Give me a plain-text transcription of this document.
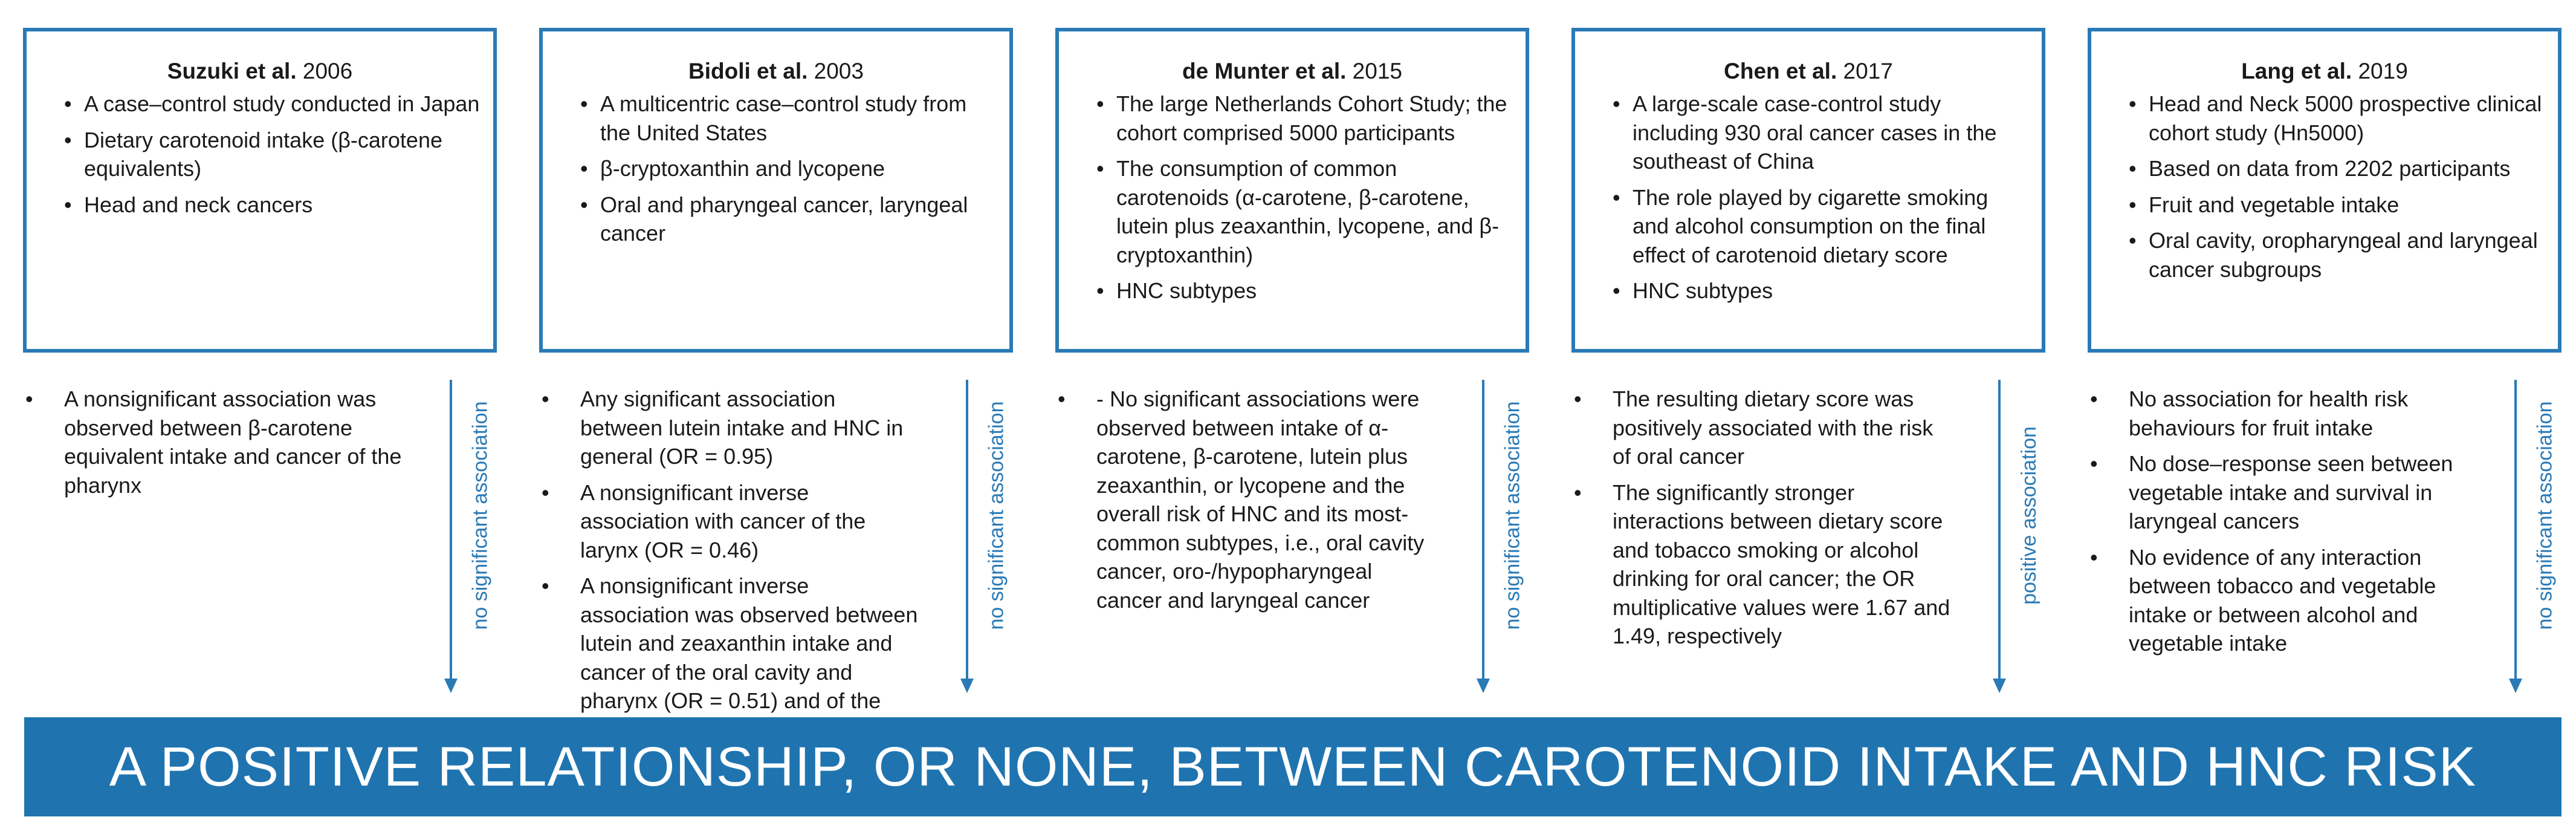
Suzuki et al. 2006
• A case–control study conducted in Japan
• Dietary carotenoid intake (β-carotene equivalents)
• Head and neck cancers
• A nonsignificant association was observed between β-carotene equivalent intake and cancer of the pharynx	no significant association
Bidoli et al. 2003
• A multicentric case–control study from the United States
• β-cryptoxanthin and lycopene
• Oral and pharyngeal cancer, laryngeal cancer
• Any significant association between lutein intake and HNC in general (OR = 0.95)
• A nonsignificant inverse association with cancer of the larynx (OR = 0.46)
• A nonsignificant inverse association was observed between lutein and zeaxanthin intake and cancer of the oral cavity and pharynx (OR = 0.51) and of the
no significant association
de Munter et al. 2015
• The large Netherlands Cohort Study; the cohort comprised 5000 participants
• The consumption of common carotenoids (α-carotene, β-carotene, lutein plus zeaxanthin, lycopene, and β-cryptoxanthin)
• HNC subtypes
• - No significant associations were observed between intake of α-carotene, β-carotene, lutein plus zeaxanthin, or lycopene and the overall risk of HNC and its most-common subtypes, i.e., oral cavity cancer, oro-/hypopharyngeal cancer and laryngeal cancer	no significant association
Chen et al. 2017
• A large-scale case-control study including 930 oral cancer cases in the southeast of China
• The role played by cigarette smoking and alcohol consumption on the final effect of carotenoid dietary score
• HNC subtypes
• The resulting dietary score was positively associated with the risk of oral cancer
• The significantly stronger interactions between dietary score and tobacco smoking or alcohol drinking for oral cancer; the OR multiplicative values were 1.67 and 1.49, respectively
positive association
Lang et al. 2019
• Head and Neck 5000 prospective clinical cohort study (Hn5000)
• Based on data from 2202 participants
• Fruit and vegetable intake
• Oral cavity, oropharyngeal and laryngeal cancer subgroups
• No association for health risk behaviours for fruit intake
• No dose–response seen between vegetable intake and survival in laryngeal cancers
• No evidence of any interaction between tobacco and vegetable intake or between alcohol and vegetable intake
no significant association
A POSITIVE RELATIONSHIP, OR NONE, BETWEEN CAROTENOID INTAKE AND HNC RISK
